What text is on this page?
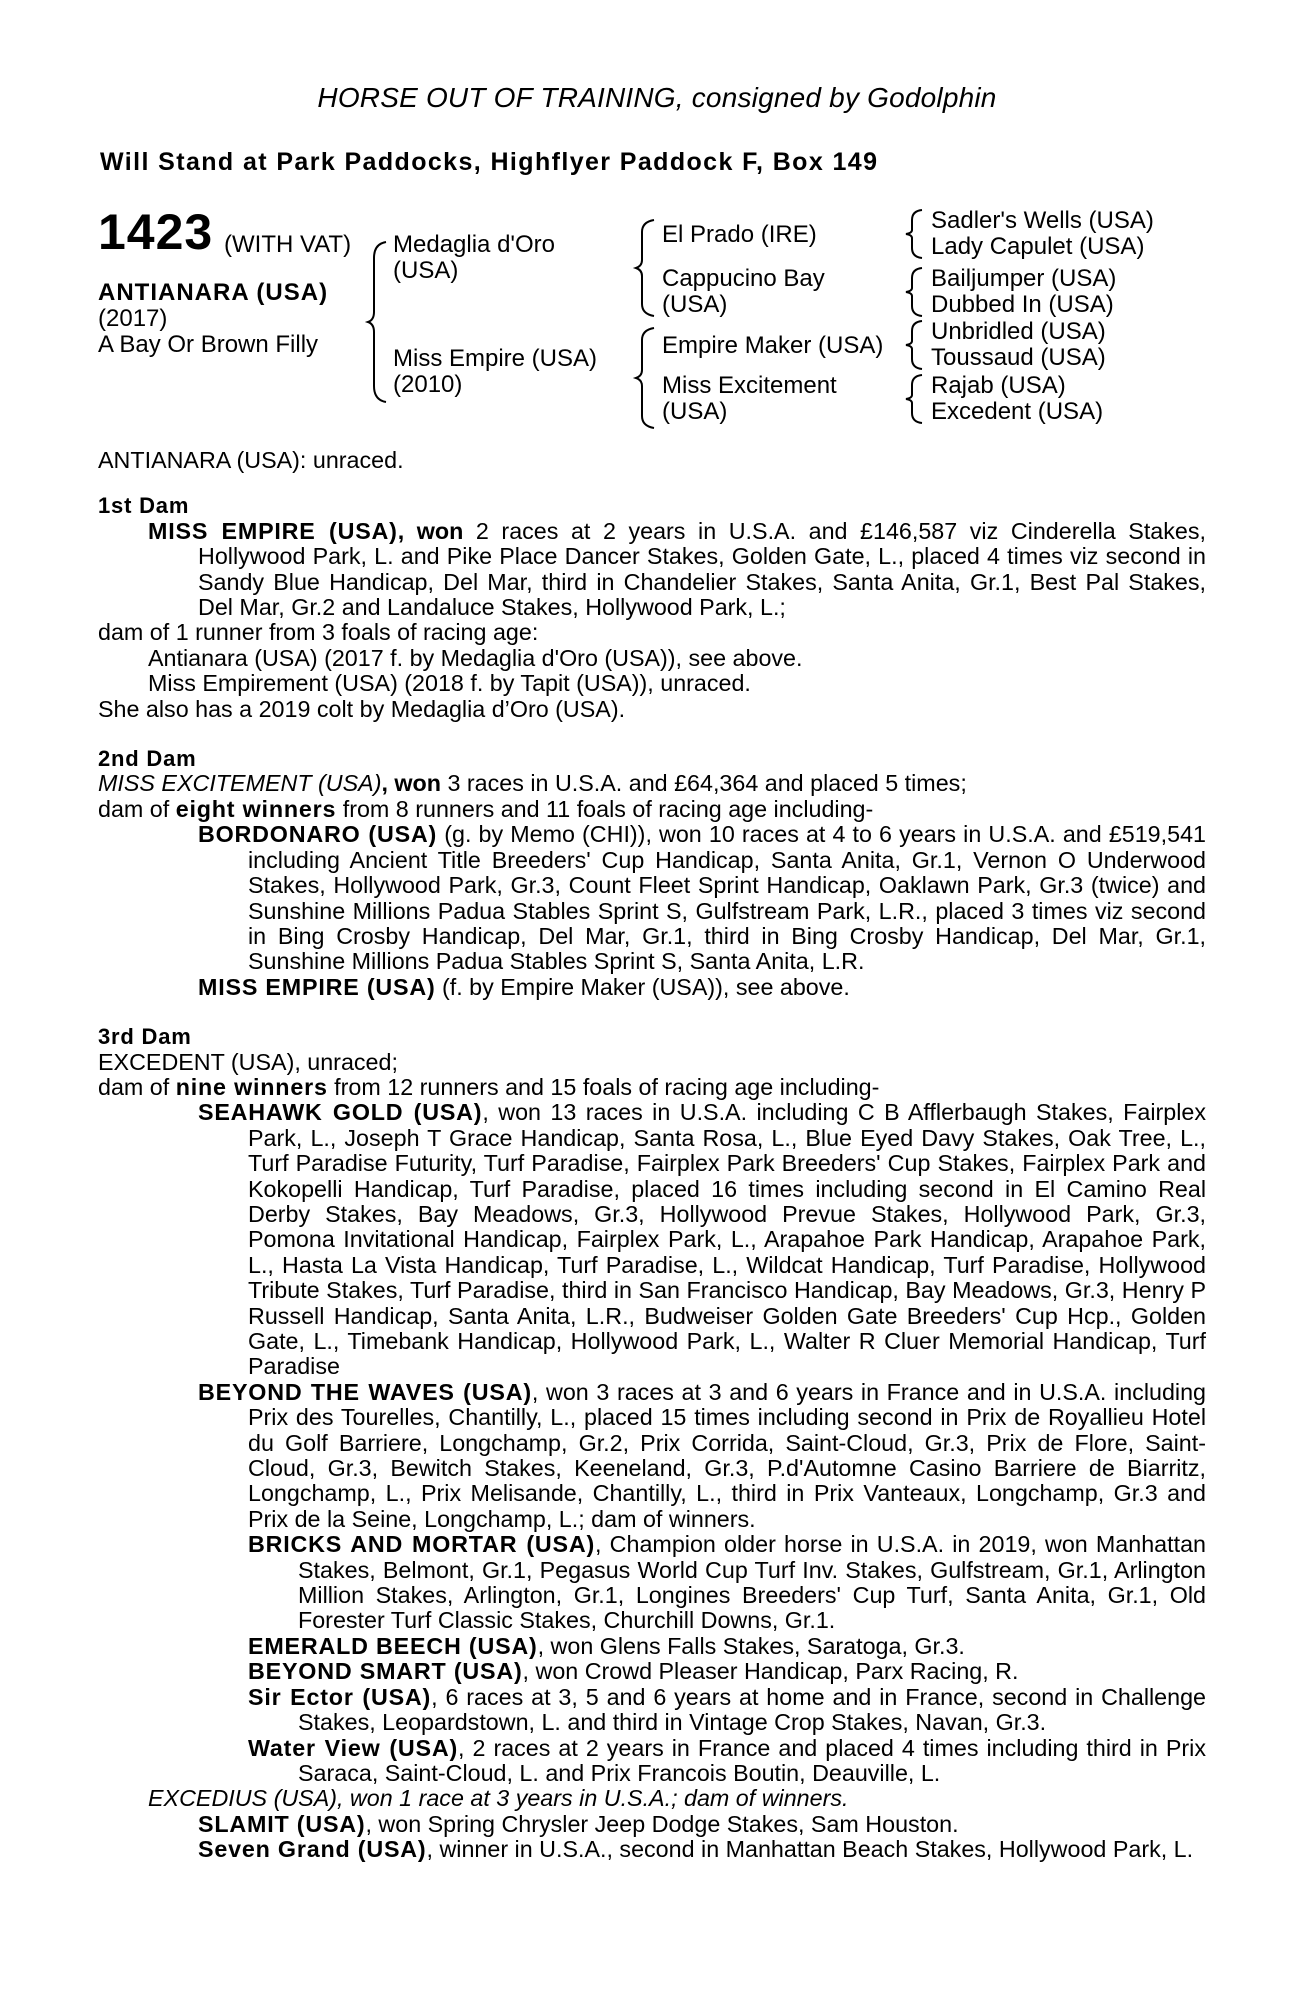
HORSE OUT OF TRAINING, consigned by Godolphin
Will Stand at Park Paddocks, Highflyer Paddock F, Box 149
1423 (WITH VAT)
ANTIANARA (USA)
(2017)
A Bay Or Brown Filly
Medaglia d'Oro
(USA)
Miss Empire (USA)
(2010)
El Prado (IRE)
Cappucino Bay
(USA)
Empire Maker (USA)
Miss Excitement
(USA)
Sadler's Wells (USA)
Lady Capulet (USA)
Bailjumper (USA)
Dubbed In (USA)
Unbridled (USA)
Toussaud (USA)
Rajab (USA)
Excedent (USA)

ANTIANARA (USA): unraced.

1st Dam

MISS EMPIRE (USA), won 2 races at 2 years in U.S.A. and £146,587 viz Cinderella Stakes, Hollywood Park, L. and Pike Place Dancer Stakes, Golden Gate, L., placed 4 times viz second in Sandy Blue Handicap, Del Mar, third in Chandelier Stakes, Santa Anita, Gr.1, Best Pal Stakes, Del Mar, Gr.2 and Landaluce Stakes, Hollywood Park, L.;

dam of 1 runner from 3 foals of racing age:

Antianara (USA) (2017 f. by Medaglia d'Oro (USA)), see above.

Miss Empirement (USA) (2018 f. by Tapit (USA)), unraced.

She also has a 2019 colt by Medaglia d’Oro (USA).

2nd Dam

MISS EXCITEMENT (USA), won 3 races in U.S.A. and £64,364 and placed 5 times;

dam of eight winners from 8 runners and 11 foals of racing age including-

BORDONARO (USA) (g. by Memo (CHI)), won 10 races at 4 to 6 years in U.S.A. and £519,541 including Ancient Title Breeders' Cup Handicap, Santa Anita, Gr.1, Vernon O Underwood Stakes, Hollywood Park, Gr.3, Count Fleet Sprint Handicap, Oaklawn Park, Gr.3 (twice) and Sunshine Millions Padua Stables Sprint S, Gulfstream Park, L.R., placed 3 times viz second in Bing Crosby Handicap, Del Mar, Gr.1, third in Bing Crosby Handicap, Del Mar, Gr.1, Sunshine Millions Padua Stables Sprint S, Santa Anita, L.R.

MISS EMPIRE (USA) (f. by Empire Maker (USA)), see above.

3rd Dam

EXCEDENT (USA), unraced;

dam of nine winners from 12 runners and 15 foals of racing age including-

SEAHAWK GOLD (USA), won 13 races in U.S.A. including C B Afflerbaugh Stakes, Fairplex Park, L., Joseph T Grace Handicap, Santa Rosa, L., Blue Eyed Davy Stakes, Oak Tree, L., Turf Paradise Futurity, Turf Paradise, Fairplex Park Breeders' Cup Stakes, Fairplex Park and Kokopelli Handicap, Turf Paradise, placed 16 times including second in El Camino Real Derby Stakes, Bay Meadows, Gr.3, Hollywood Prevue Stakes, Hollywood Park, Gr.3, Pomona Invitational Handicap, Fairplex Park, L., Arapahoe Park Handicap, Arapahoe Park, L., Hasta La Vista Handicap, Turf Paradise, L., Wildcat Handicap, Turf Paradise, Hollywood Tribute Stakes, Turf Paradise, third in San Francisco Handicap, Bay Meadows, Gr.3, Henry P Russell Handicap, Santa Anita, L.R., Budweiser Golden Gate Breeders' Cup Hcp., Golden Gate, L., Timebank Handicap, Hollywood Park, L., Walter R Cluer Memorial Handicap, Turf Paradise

BEYOND THE WAVES (USA), won 3 races at 3 and 6 years in France and in U.S.A. including Prix des Tourelles, Chantilly, L., placed 15 times including second in Prix de Royallieu Hotel du Golf Barriere, Longchamp, Gr.2, Prix Corrida, Saint-Cloud, Gr.3, Prix de Flore, Saint-Cloud, Gr.3, Bewitch Stakes, Keeneland, Gr.3, P.d'Automne Casino Barriere de Biarritz, Longchamp, L., Prix Melisande, Chantilly, L., third in Prix Vanteaux, Longchamp, Gr.3 and Prix de la Seine, Longchamp, L.; dam of winners.

BRICKS AND MORTAR (USA), Champion older horse in U.S.A. in 2019, won Manhattan Stakes, Belmont, Gr.1, Pegasus World Cup Turf Inv. Stakes, Gulfstream, Gr.1, Arlington Million Stakes, Arlington, Gr.1, Longines Breeders' Cup Turf, Santa Anita, Gr.1, Old Forester Turf Classic Stakes, Churchill Downs, Gr.1.

EMERALD BEECH (USA), won Glens Falls Stakes, Saratoga, Gr.3.

BEYOND SMART (USA), won Crowd Pleaser Handicap, Parx Racing, R.

Sir Ector (USA), 6 races at 3, 5 and 6 years at home and in France, second in Challenge Stakes, Leopardstown, L. and third in Vintage Crop Stakes, Navan, Gr.3.

Water View (USA), 2 races at 2 years in France and placed 4 times including third in Prix Saraca, Saint-Cloud, L. and Prix Francois Boutin, Deauville, L.

EXCEDIUS (USA), won 1 race at 3 years in U.S.A.; dam of winners.

SLAMIT (USA), won Spring Chrysler Jeep Dodge Stakes, Sam Houston.

Seven Grand (USA), winner in U.S.A., second in Manhattan Beach Stakes, Hollywood Park, L.
